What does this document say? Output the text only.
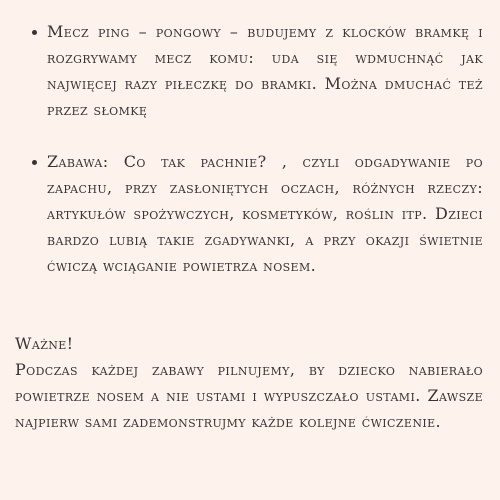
Mecz ping – pongowy – budujemy z klocków bramkę i rozgrywamy mecz komu: uda się wdmuchnąć jak najwięcej razy piłeczkę do bramki. Można dmuchać też przez słomkę
Zabawa: Co tak pachnie? , czyli odgadywanie po zapachu, przy zasłoniętych oczach, różnych rzeczy: artykułów spożywczych, kosmetyków, roślin itp. Dzieci bardzo lubią takie zgadywanki, a przy okazji świetnie ćwiczą wciąganie powietrza nosem.
Ważne!
Podczas każdej zabawy pilnujemy, by dziecko nabierało powietrze nosem a nie ustami i wypuszczało ustami. Zawsze najpierw sami zademonstrujmy każde kolejne ćwiczenie.
